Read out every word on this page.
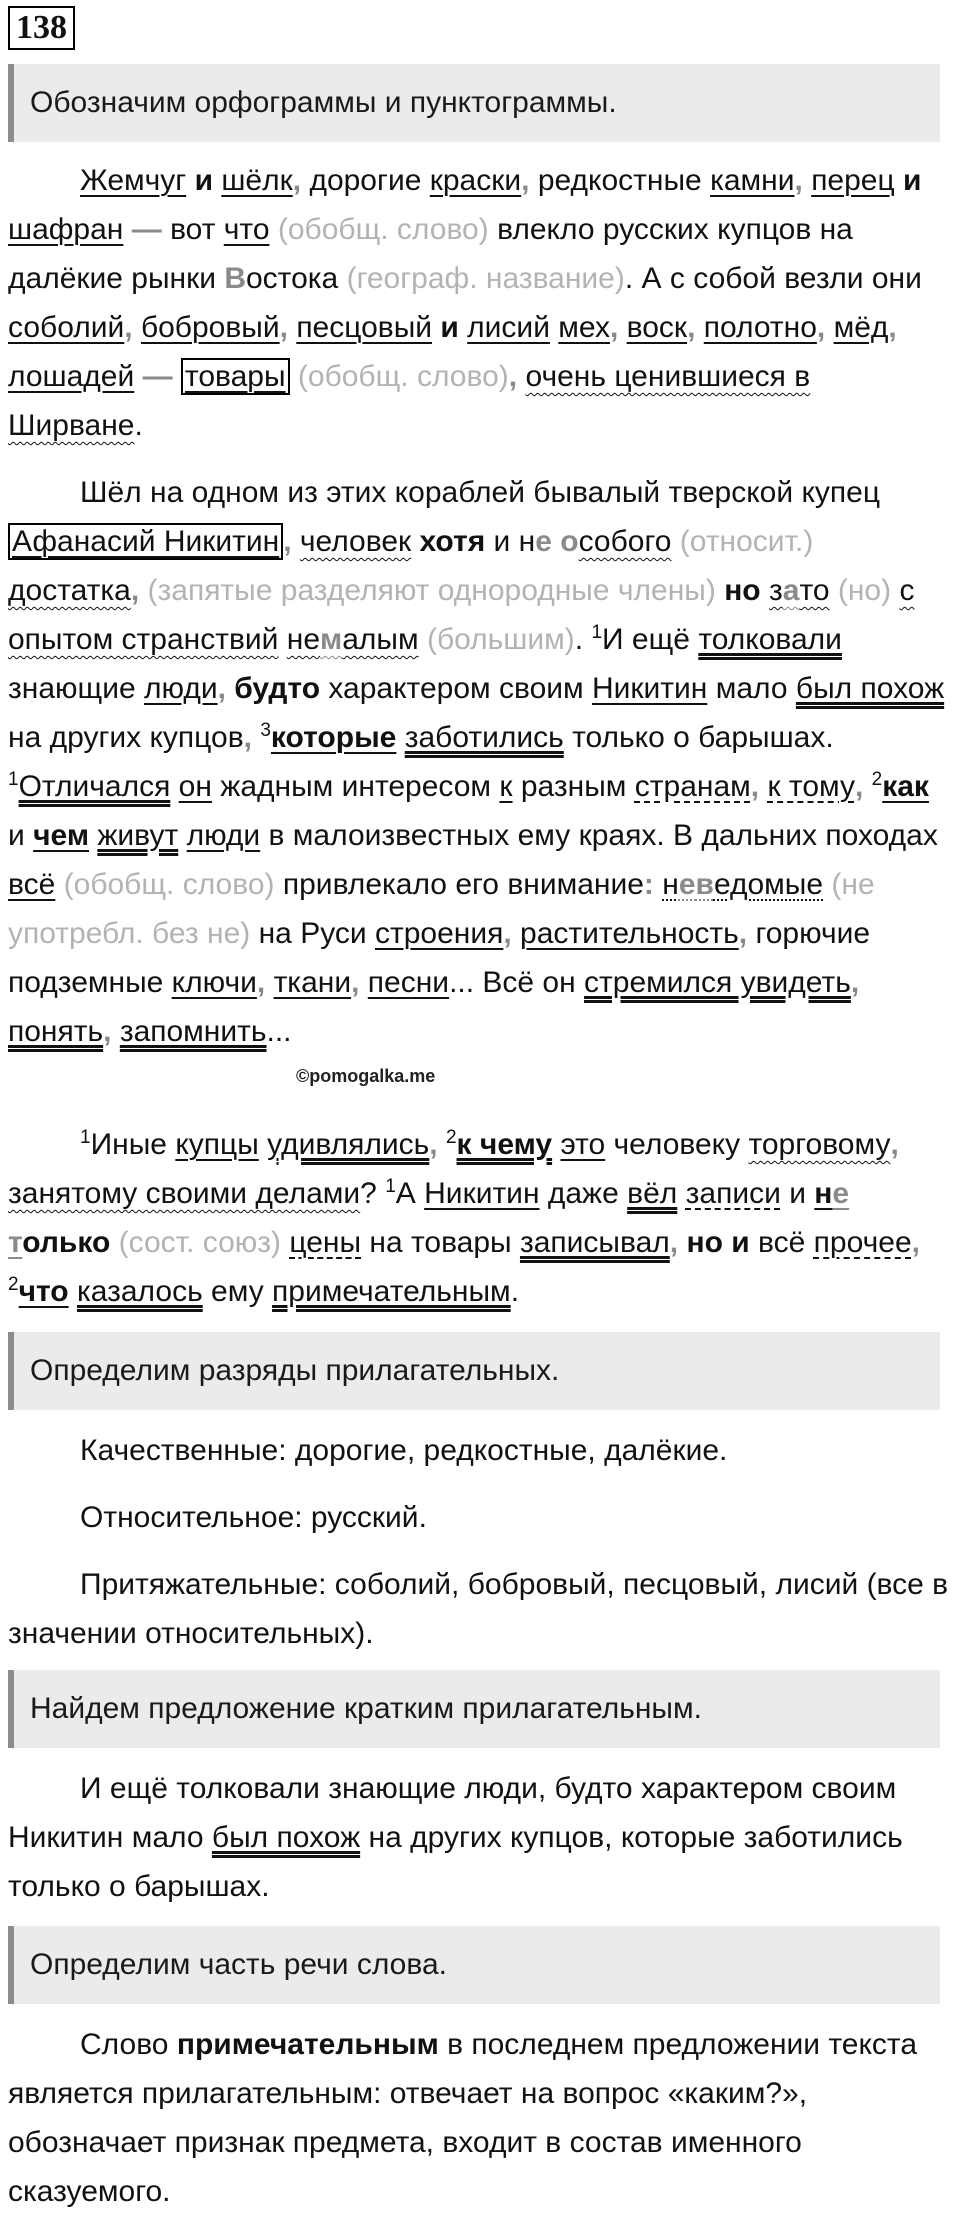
138
Обозначим орфограммы и пунктограммы.

Жемчуг и шёлк, дорогие краски, редкостные камни, перец и шафран — вот что (обобщ. слово) влекло русских купцов на далёкие рынки Востока (географ. название). А с собой везли они соболий, бобровый, песцовый и лисий мех, воск, полотно, мёд, лошадей — товары (обобщ. слово), очень ценившиеся в Ширване.

Шёл на одном из этих кораблей бывалый тверской купец Афанасий Никитин , человек хотя и не особого (относит.) достатка, (запятые разделяют однородные члены) но зато (но) с опытом странствий немалым (большим). $^1$И ещё толковали знающие люди, будто характером своим Никитин мало был похож на других купцов, $^3$которые заботились только о барышах. $^1$Отличался он жадным интересом к разным странам, к тому, $^2$как и чем живут люди в малоизвестных ему краях. В дальних походах всё (обобщ. слово) привлекало его внимание: неведомые (не употребл. без не) на Руси строения, растительность, горючие подземные ключи, ткани, песни... Всё он стремился увидеть, понять, запомнить...

©pomogalka.me

$^1$Иные купцы удивлялись, $^2$к чему это человеку торговому, занятому своими делами? $^1$А Никитин даже вёл записи и не только (сост. союз) цены на товары записывал, но и всё прочее, $^2$что казалось ему примечательным.

Определим разряды прилагательных.

Качественные: дорогие, редкостные, далёкие.

Относительное: русский.

Притяжательные: соболий, бобровый, песцовый, лисий (все в значении относительных).

Найдем предложение кратким прилагательным.

И ещё толковали знающие люди, будто характером своим Никитин мало был похож на других купцов, которые заботились только о барышах.

Определим часть речи слова.

Слово примечательным в последнем предложении текста является прилагательным: отвечает на вопрос «каким?», обозначает признак предмета, входит в состав именного сказуемого.
